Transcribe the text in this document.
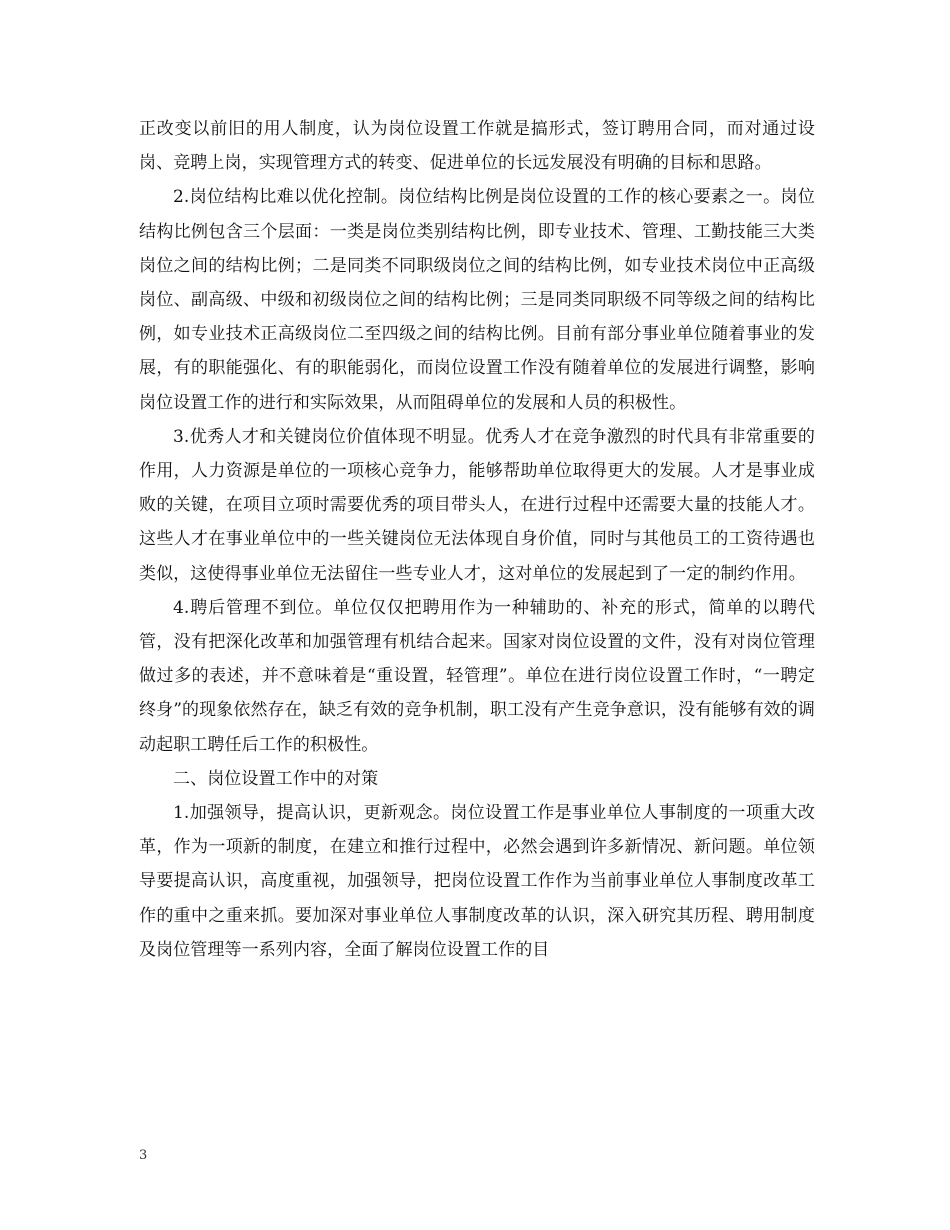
正改变以前旧的用人制度，认为岗位设置工作就是搞形式，签订聘用合同，而对通过设岗、竞聘上岗，实现管理方式的转变、促进单位的长远发展没有明确的目标和思路。

2.岗位结构比难以优化控制。岗位结构比例是岗位设置的工作的核心要素之一。岗位结构比例包含三个层面：一类是岗位类别结构比例，即专业技术、管理、工勤技能三大类岗位之间的结构比例；二是同类不同职级岗位之间的结构比例，如专业技术岗位中正高级岗位、副高级、中级和初级岗位之间的结构比例；三是同类同职级不同等级之间的结构比例，如专业技术正高级岗位二至四级之间的结构比例。目前有部分事业单位随着事业的发展，有的职能强化、有的职能弱化，而岗位设置工作没有随着单位的发展进行调整，影响岗位设置工作的进行和实际效果，从而阻碍单位的发展和人员的积极性。

3.优秀人才和关键岗位价值体现不明显。优秀人才在竞争激烈的时代具有非常重要的作用，人力资源是单位的一项核心竞争力，能够帮助单位取得更大的发展。人才是事业成败的关键，在项目立项时需要优秀的项目带头人，在进行过程中还需要大量的技能人才。这些人才在事业单位中的一些关键岗位无法体现自身价值，同时与其他员工的工资待遇也类似，这使得事业单位无法留住一些专业人才，这对单位的发展起到了一定的制约作用。

4.聘后管理不到位。单位仅仅把聘用作为一种辅助的、补充的形式，简单的以聘代管，没有把深化改革和加强管理有机结合起来。国家对岗位设置的文件，没有对岗位管理做过多的表述，并不意味着是“重设置，轻管理”。单位在进行岗位设置工作时，“一聘定终身”的现象依然存在，缺乏有效的竞争机制，职工没有产生竞争意识，没有能够有效的调动起职工聘任后工作的积极性。

二、岗位设置工作中的对策

1.加强领导，提高认识，更新观念。岗位设置工作是事业单位人事制度的一项重大改革，作为一项新的制度，在建立和推行过程中，必然会遇到许多新情况、新问题。单位领导要提高认识，高度重视，加强领导，把岗位设置工作作为当前事业单位人事制度改革工作的重中之重来抓。要加深对事业单位人事制度改革的认识，深入研究其历程、聘用制度及岗位管理等一系列内容，全面了解岗位设置工作的目

3
